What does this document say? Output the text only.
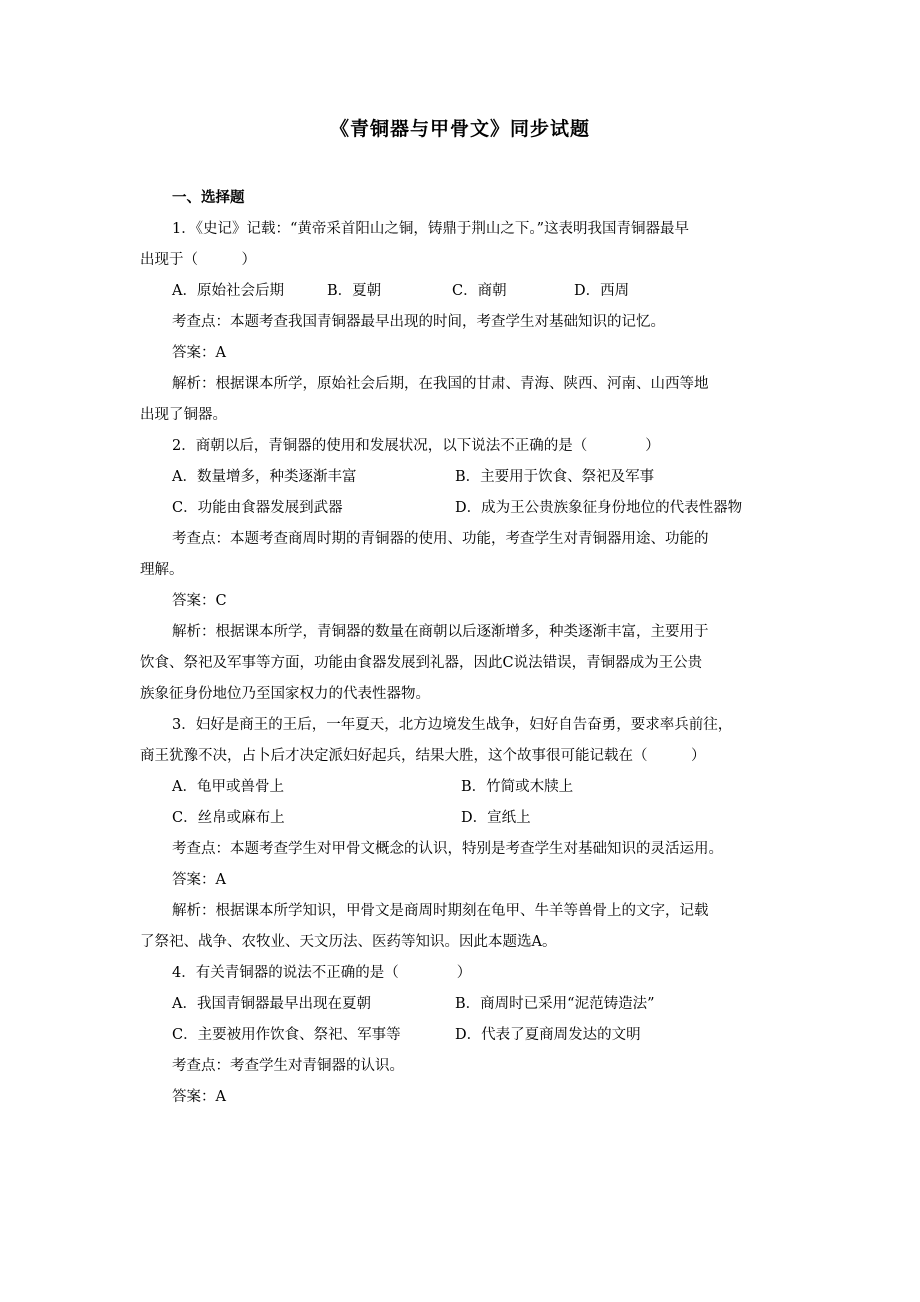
《青铜器与甲骨文》同步试题
一、选择题
1．《史记》记载：“黄帝采首阳山之铜，铸鼎于荆山之下。”这表明我国青铜器最早
出现于（　　　）
A．原始社会后期	B．夏朝	C．商朝	D．西周
考查点：本题考查我国青铜器最早出现的时间，考查学生对基础知识的记忆。
答案：A
解析：根据课本所学，原始社会后期，在我国的甘肃、青海、陕西、河南、山西等地
出现了铜器。
2．商朝以后，青铜器的使用和发展状况，以下说法不正确的是（　　　　）
A．数量增多，种类逐渐丰富	B．主要用于饮食、祭祀及军事
C．功能由食器发展到武器	D．成为王公贵族象征身份地位的代表性器物
考查点：本题考查商周时期的青铜器的使用、功能，考查学生对青铜器用途、功能的
理解。
答案：C
解析：根据课本所学，青铜器的数量在商朝以后逐渐增多，种类逐渐丰富，主要用于
饮食、祭祀及军事等方面，功能由食器发展到礼器，因此C说法错误，青铜器成为王公贵
族象征身份地位乃至国家权力的代表性器物。
3．妇好是商王的王后，一年夏天，北方边境发生战争，妇好自告奋勇，要求率兵前往，
商王犹豫不决，占卜后才决定派妇好起兵，结果大胜，这个故事很可能记载在（　　　）
A．龟甲或兽骨上	B．竹简或木牍上
C．丝帛或麻布上	D．宣纸上
考查点：本题考查学生对甲骨文概念的认识，特别是考查学生对基础知识的灵活运用。
答案：A
解析：根据课本所学知识，甲骨文是商周时期刻在龟甲、牛羊等兽骨上的文字，记载
了祭祀、战争、农牧业、天文历法、医药等知识。因此本题选A。
4．有关青铜器的说法不正确的是（　　　　）
A．我国青铜器最早出现在夏朝	B．商周时已采用“泥范铸造法”
C．主要被用作饮食、祭祀、军事等	D．代表了夏商周发达的文明
考查点：考查学生对青铜器的认识。
答案：A
